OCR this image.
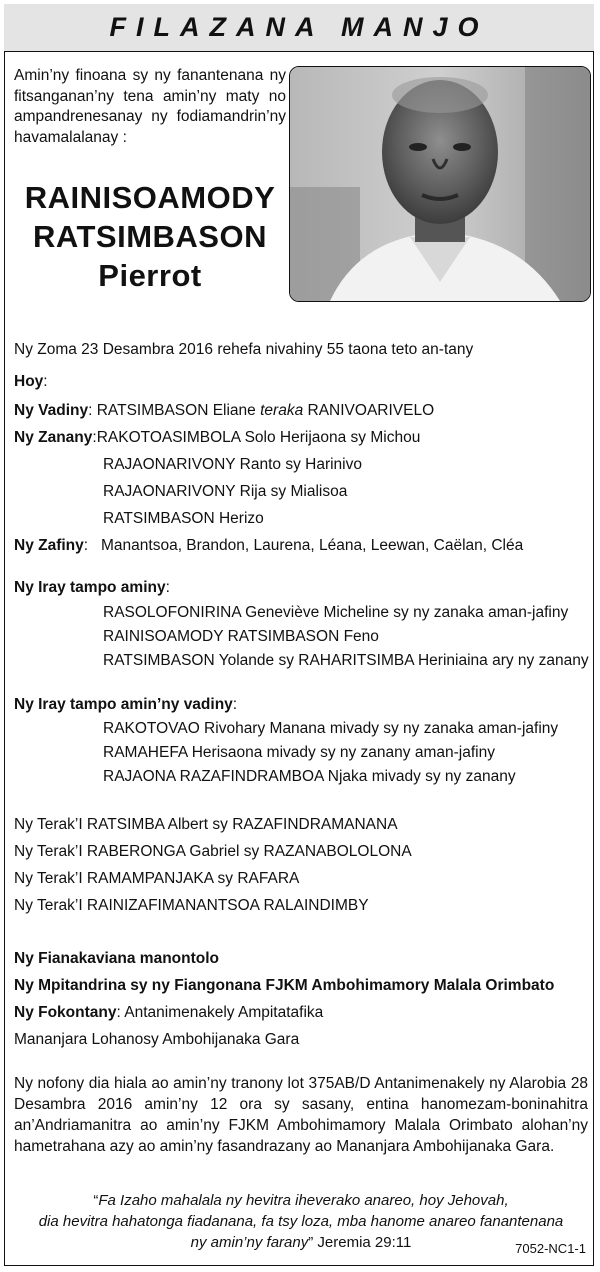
FILAZANA MANJO
Amin’ny finoana sy ny fanantenana ny fitsanganan’ny tena amin’ny maty no ampandrenesanay ny fodiamandrin’ny havamalalanay :
RAINISOAMODY
RATSIMBASON
Pierrot
Ny Zoma 23 Desambra 2016 rehefa nivahiny 55 taona teto an-tany
Hoy:
Ny Vadiny: RATSIMBASON Eliane teraka RANIVOARIVELO
Ny Zanany:RAKOTOASIMBOLA Solo Herijaona sy Michou
RAJAONARIVONY Ranto sy Harinivo
RAJAONARIVONY Rija sy Mialisoa
RATSIMBASON Herizo
Ny Zafiny:   Manantsoa, Brandon, Laurena, Léana, Leewan, Caëlan, Cléa
Ny Iray tampo aminy:
RASOLOFONIRINA Geneviève Micheline sy ny zanaka aman-jafiny
RAINISOAMODY RATSIMBASON Feno
RATSIMBASON Yolande sy RAHARITSIMBA Heriniaina ary ny zanany
Ny Iray tampo amin’ny vadiny:
RAKOTOVAO Rivohary Manana mivady sy ny zanaka aman-jafiny
RAMAHEFA Herisaona mivady sy ny zanany aman-jafiny
RAJAONA RAZAFINDRAMBOA Njaka mivady sy ny zanany
Ny Terak’I RATSIMBA Albert sy RAZAFINDRAMANANA
Ny Terak’I RABERONGA Gabriel sy RAZANABOLOLONA
Ny Terak’I RAMAMPANJAKA sy RAFARA
Ny Terak’I RAINIZAFIMANANTSOA RALAINDIMBY
Ny Fianakaviana manontolo
Ny Mpitandrina sy ny Fiangonana FJKM Ambohimamory Malala Orimbato
Ny Fokontany: Antanimenakely Ampitatafika
Mananjara Lohanosy Ambohijanaka Gara
Ny nofony dia hiala ao amin’ny tranony lot 375AB/D Antanimenakely ny Alarobia 28 Desambra 2016 amin’ny 12 ora sy sasany, entina hanomezam-boninahitra an’Andriamanitra ao amin’ny FJKM Ambohimamory Malala Orimbato alohan’ny hametrahana azy ao amin’ny fasandrazany ao Mananjara Ambohijanaka Gara.
“Fa Izaho mahalala ny hevitra iheverako anareo, hoy Jehovah,
dia hevitra hahatonga fiadanana, fa tsy loza, mba hanome anareo fanantenana
ny amin’ny farany” Jeremia 29:11	7052-NC1-1
